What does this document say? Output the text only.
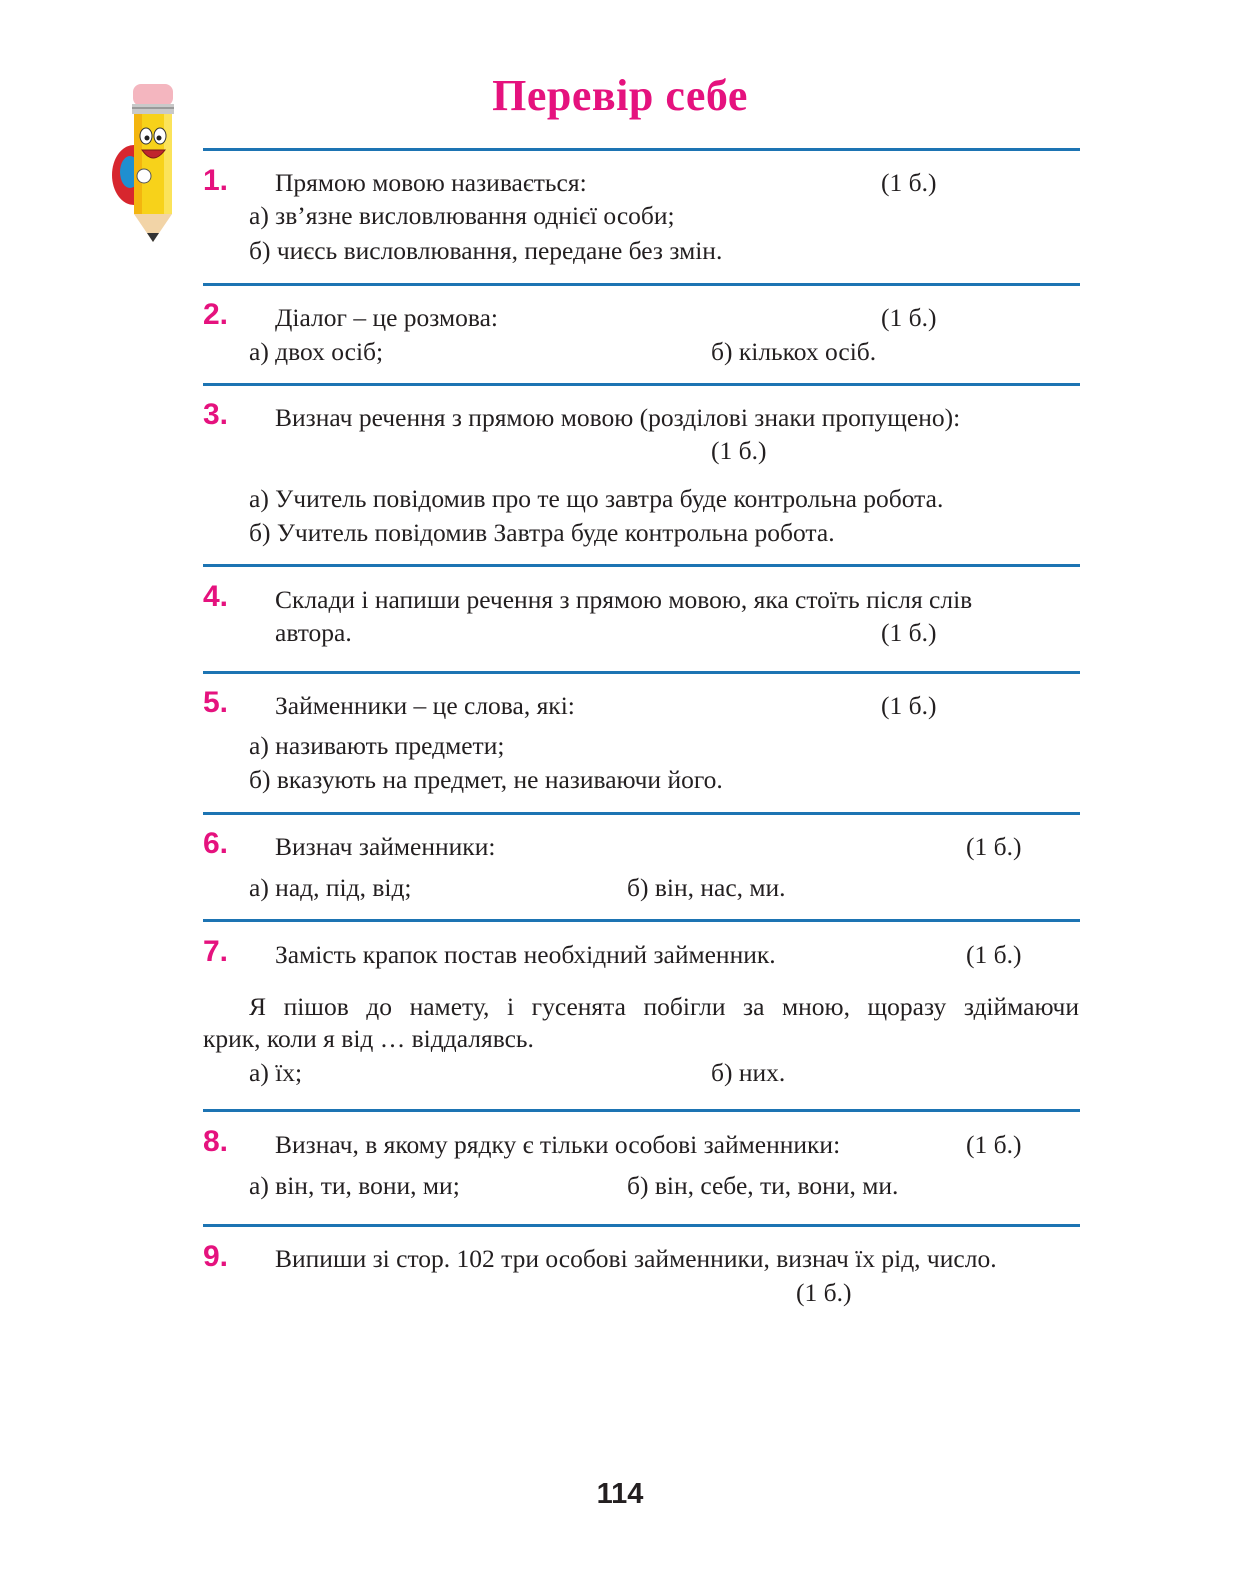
Перевір себе
1. Прямою мовою називається:	(1 б.)
а) зв’язне висловлювання однієї особи;
б) чиєсь висловлювання, передане без змін.
2. Діалог – це розмова:	(1 б.)
а) двох осіб;	б) кількох осіб.
3. Визнач речення з прямою мовою (розділові знаки пропущено):
(1 б.)
а) Учитель повідомив про те що завтра буде контрольна робота.
б) Учитель повідомив Завтра буде контрольна робота.
4. Склади і напиши речення з прямою мовою, яка стоїть після слів
автора.	(1 б.)
5. Займенники – це слова, які:	(1 б.)
а) називають предмети;
б) вказують на предмет, не називаючи його.
6. Визнач займенники:	(1 б.)
а) над, під, від;	б) він, нас, ми.
7. Замість крапок постав необхідний займенник.	(1 б.)
Я пішов до намету, і гусенята побігли за мною, щоразу здіймаючи
крик, коли я від … віддалявсь.
а) їх;	б) них.
8. Визнач, в якому рядку є тільки особові займенники:	(1 б.)
а) він, ти, вони, ми;	б) він, себе, ти, вони, ми.
9. Випиши зі стор. 102 три особові займенники, визнач їх рід, число.
(1 б.)
114
